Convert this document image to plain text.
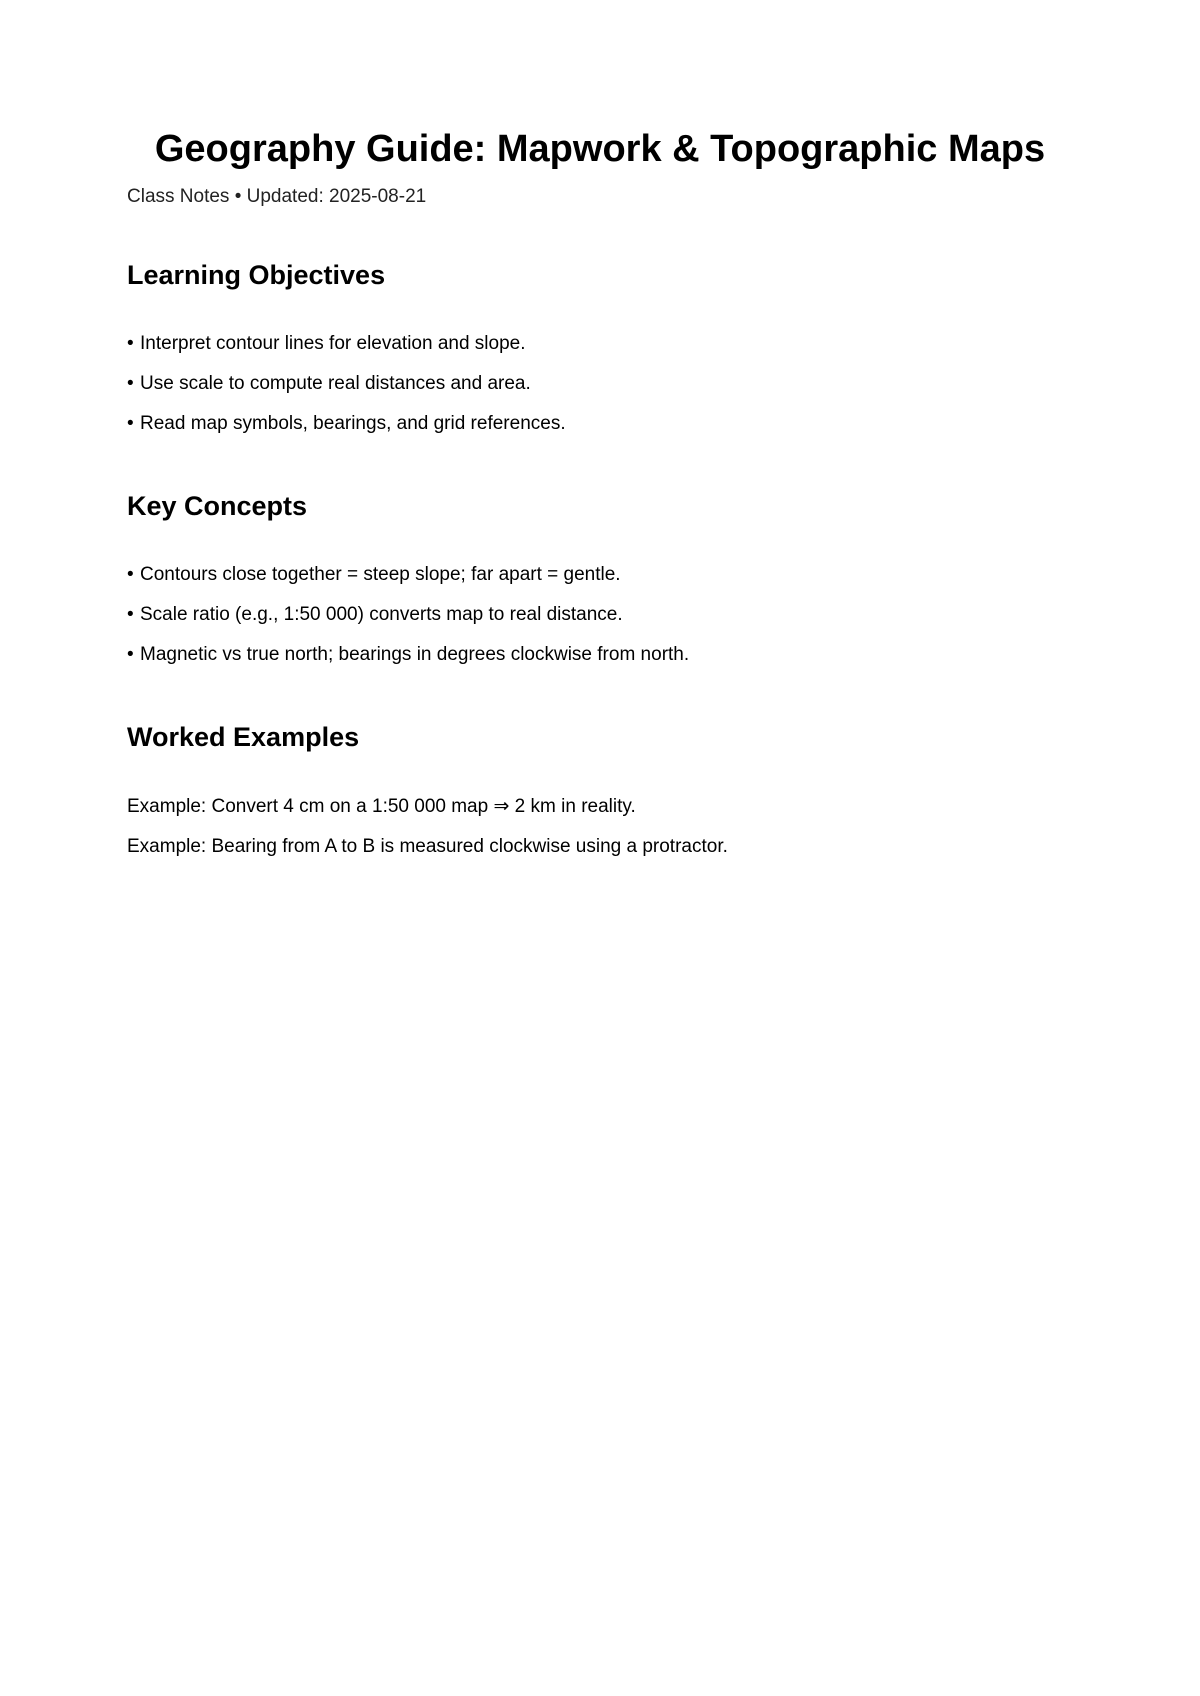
Geography Guide: Mapwork & Topographic Maps

Class Notes • Updated: 2025-08-21

Learning Objectives

• Interpret contour lines for elevation and slope.

• Use scale to compute real distances and area.

• Read map symbols, bearings, and grid references.

Key Concepts

• Contours close together = steep slope; far apart = gentle.

• Scale ratio (e.g., 1:50 000) converts map to real distance.

• Magnetic vs true north; bearings in degrees clockwise from north.

Worked Examples

Example: Convert 4 cm on a 1:50 000 map ⇒ 2 km in reality.

Example: Bearing from A to B is measured clockwise using a protractor.
